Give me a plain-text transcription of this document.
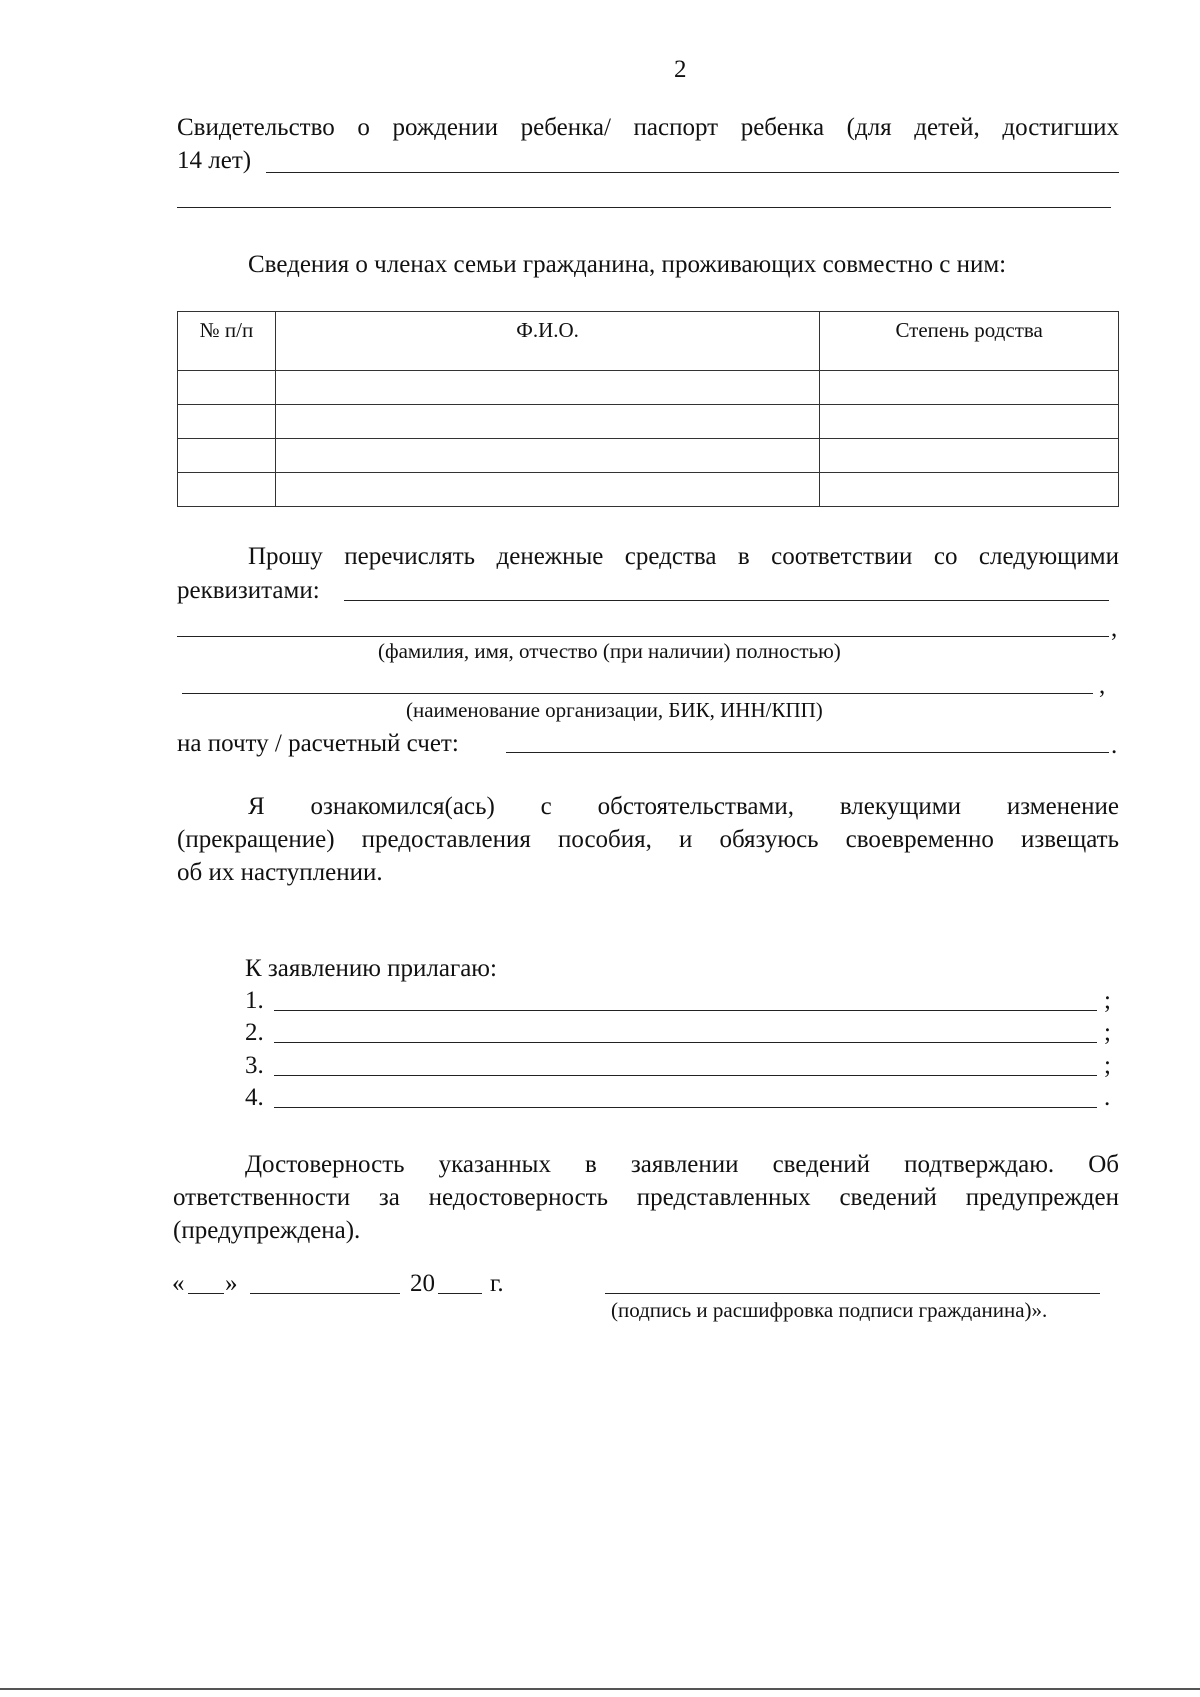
2
Свидетельство о рождении ребенка/ паспорт ребенка (для детей, достигших
14 лет)
Сведения о членах семьи гражданина, проживающих совместно с ним:
№ п/п	Ф.И.О.	Степень родства

Прошу перечислять денежные средства в соответствии со следующими
реквизитами:
,
(фамилия, имя, отчество (при наличии) полностью)
,
(наименование организации, БИК, ИНН/КПП)
на почту / расчетный счет:	.
Я ознакомился(ась) с обстоятельствами, влекущими изменение
(прекращение) предоставления пособия, и обязуюсь своевременно извещать
об их наступлении.
К заявлению прилагаю:
1.	;
2.	;
3.	;
4.	.
Достоверность указанных в заявлении сведений подтверждаю. Об
ответственности за недостоверность представленных сведений предупрежден
(предупреждена).
« »	20 г.
(подпись и расшифровка подписи гражданина)».
